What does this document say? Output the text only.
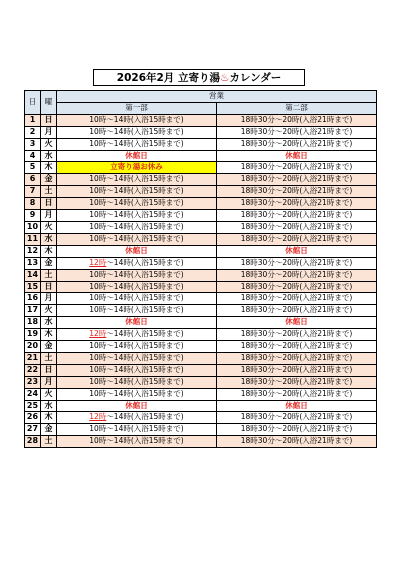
2026年2月 立寄り湯 ♨ カレンダー
日	曜	営業	
		第一部	第二部
1	日	10時～14時(入浴15時まで)	18時30分～20時(入浴21時まで)
2	月	10時～14時(入浴15時まで)	18時30分～20時(入浴21時まで)
3	火	10時～14時(入浴15時まで)	18時30分～20時(入浴21時まで)
4	水	休館日	休館日
5	木	立寄り湯お休み	18時30分～20時(入浴21時まで)
6	金	10時～14時(入浴15時まで)	18時30分～20時(入浴21時まで)
7	土	10時～14時(入浴15時まで)	18時30分～20時(入浴21時まで)
8	日	10時～14時(入浴15時まで)	18時30分～20時(入浴21時まで)
9	月	10時～14時(入浴15時まで)	18時30分～20時(入浴21時まで)
10	火	10時～14時(入浴15時まで)	18時30分～20時(入浴21時まで)
11	水	10時～14時(入浴15時まで)	18時30分～20時(入浴21時まで)
12	木	休館日	休館日
13	金	12時～14時(入浴15時まで)	18時30分～20時(入浴21時まで)
14	土	10時～14時(入浴15時まで)	18時30分～20時(入浴21時まで)
15	日	10時～14時(入浴15時まで)	18時30分～20時(入浴21時まで)
16	月	10時～14時(入浴15時まで)	18時30分～20時(入浴21時まで)
17	火	10時～14時(入浴15時まで)	18時30分～20時(入浴21時まで)
18	水	休館日	休館日
19	木	12時～14時(入浴15時まで)	18時30分～20時(入浴21時まで)
20	金	10時～14時(入浴15時まで)	18時30分～20時(入浴21時まで)
21	土	10時～14時(入浴15時まで)	18時30分～20時(入浴21時まで)
22	日	10時～14時(入浴15時まで)	18時30分～20時(入浴21時まで)
23	月	10時～14時(入浴15時まで)	18時30分～20時(入浴21時まで)
24	火	10時～14時(入浴15時まで)	18時30分～20時(入浴21時まで)
25	水	休館日	休館日
26	木	12時～14時(入浴15時まで)	18時30分～20時(入浴21時まで)
27	金	10時～14時(入浴15時まで)	18時30分～20時(入浴21時まで)
28	土	10時～14時(入浴15時まで)	18時30分～20時(入浴21時まで)
